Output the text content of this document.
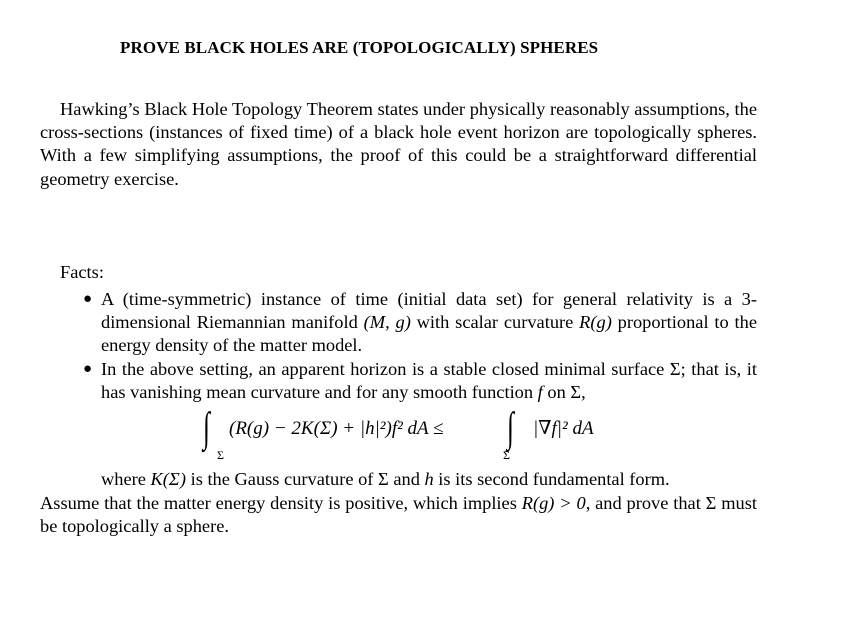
PROVE BLACK HOLES ARE (TOPOLOGICALLY) SPHERES
Hawking’s Black Hole Topology Theorem states under physically reasonably assumptions, the cross-sections (instances of fixed time) of a black hole event horizon are topologically spheres. With a few simplifying assumptions, the proof of this could be a straightforward differential geometry exercise.
Facts:
● A (time-symmetric) instance of time (initial data set) for general relativity is a 3-dimensional Riemannian manifold (M, g) with scalar curvature R(g) proportional to the energy density of the matter model.
● In the above setting, an apparent horizon is a stable closed minimal surface Σ; that is, it has vanishing mean curvature and for any smooth function f on Σ,
∫
Σ
(R(g) − 2K(Σ) + |h|²)f² dA ≤ ∫
Σ
|∇f|² dA
where K(Σ) is the Gauss curvature of Σ and h is its second fundamental form.
Assume that the matter energy density is positive, which implies R(g) > 0, and prove that Σ must be topologically a sphere.
